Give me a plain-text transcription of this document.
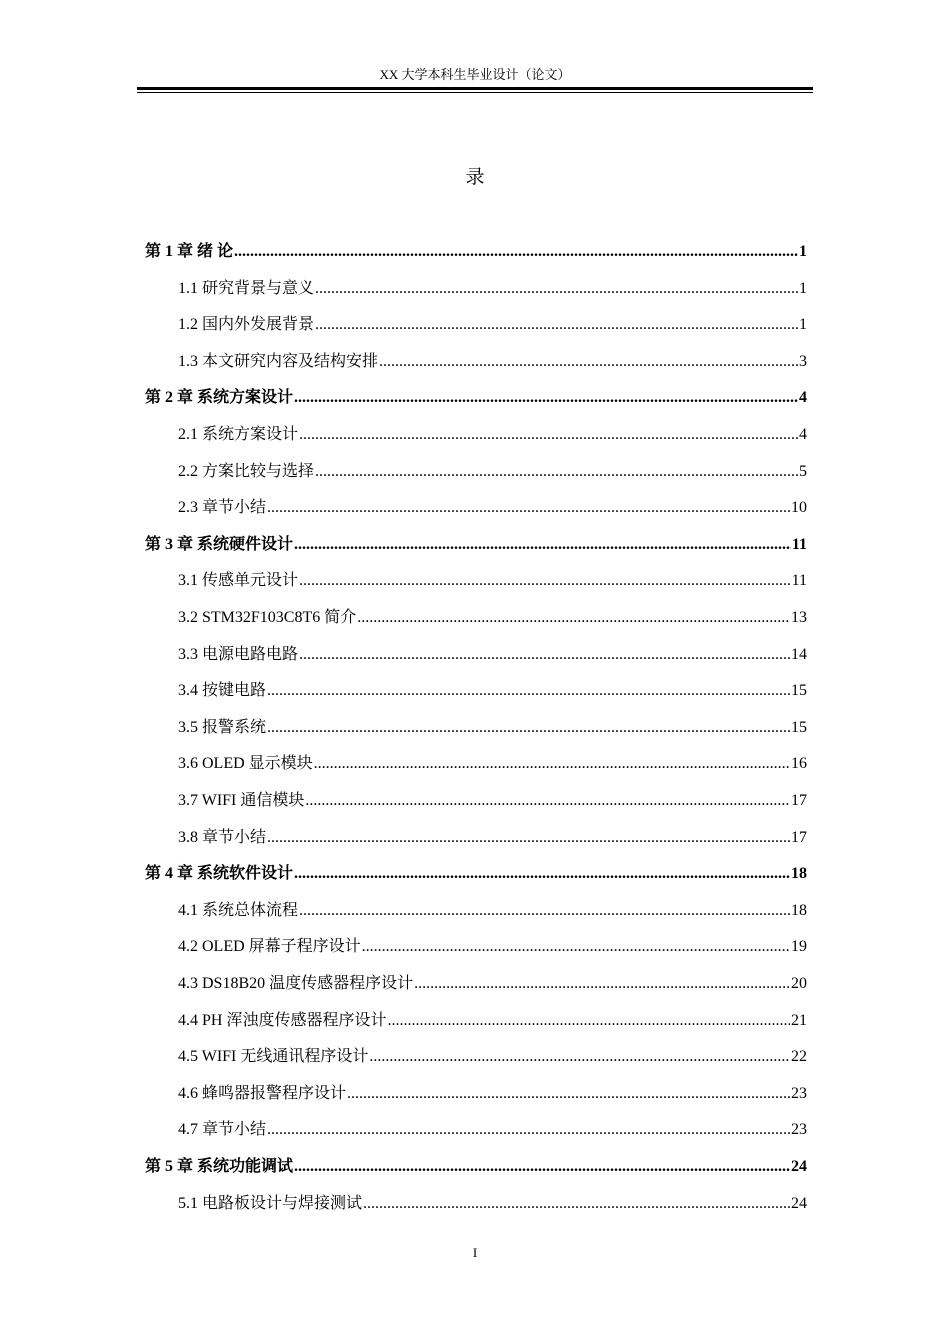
XX 大学本科生毕业设计（论文）
录
第 1 章 绪 论 .....	1
1.1 研究背景与意义 .....	1
1.2 国内外发展背景 .....	1
1.3 本文研究内容及结构安排 .....	3
第 2 章 系统方案设计 .....	4
2.1 系统方案设计 .....	4
2.2 方案比较与选择 .....	5
2.3 章节小结 .....	10
第 3 章 系统硬件设计 .....	11
3.1 传感单元设计 .....	11
3.2 STM32F103C8T6 简介 .....	13
3.3 电源电路电路 .....	14
3.4 按键电路 .....	15
3.5 报警系统 .....	15
3.6 OLED 显示模块 .....	16
3.7 WIFI 通信模块 .....	17
3.8 章节小结 .....	17
第 4 章 系统软件设计 .....	18
4.1 系统总体流程 .....	18
4.2 OLED 屏幕子程序设计 .....	19
4.3 DS18B20 温度传感器程序设计 .....	20
4.4 PH 浑浊度传感器程序设计 .....	21
4.5 WIFI 无线通讯程序设计 .....	22
4.6 蜂鸣器报警程序设计 .....	23
4.7 章节小结 .....	23
第 5 章 系统功能调试 .....	24
5.1 电路板设计与焊接测试 .....	24
I
